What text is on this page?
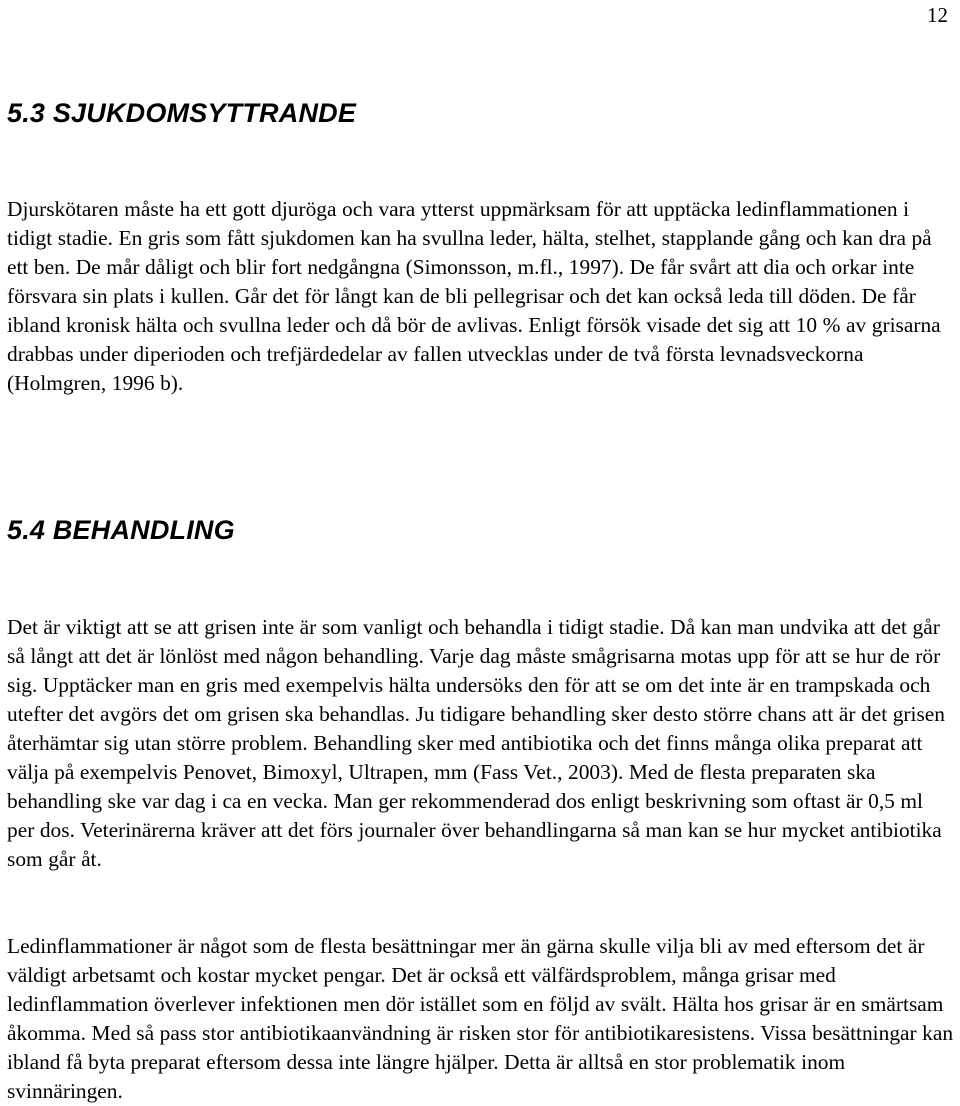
12
5.3 SJUKDOMSYTTRANDE

Djurskötaren måste ha ett gott djuröga och vara ytterst uppmärksam för att upptäcka ledinflammationen i tidigt stadie. En gris som fått sjukdomen kan ha svullna leder, hälta, stelhet, stapplande gång och kan dra på ett ben. De mår dåligt och blir fort nedgångna (Simonsson, m.fl., 1997). De får svårt att dia och orkar inte försvara sin plats i kullen. Går det för långt kan de bli pellegrisar och det kan också leda till döden. De får ibland kronisk hälta och svullna leder och då bör de avlivas. Enligt försök visade det sig att 10 % av grisarna drabbas under diperioden och trefjärdedelar av fallen utvecklas under de två första levnadsveckorna (Holmgren, 1996 b).

5.4 BEHANDLING

Det är viktigt att se att grisen inte är som vanligt och behandla i tidigt stadie. Då kan man undvika att det går så långt att det är lönlöst med någon behandling. Varje dag måste smågrisarna motas upp för att se hur de rör sig. Upptäcker man en gris med exempelvis hälta undersöks den för att se om det inte är en trampskada och utefter det avgörs det om grisen ska behandlas. Ju tidigare behandling sker desto större chans att är det grisen återhämtar sig utan större problem. Behandling sker med antibiotika och det finns många olika preparat att välja på exempelvis Penovet, Bimoxyl, Ultrapen, mm (Fass Vet., 2003). Med de flesta preparaten ska behandling ske var dag i ca en vecka. Man ger rekommenderad dos enligt beskrivning som oftast är 0,5 ml per dos. Veterinärerna kräver att det förs journaler över behandlingarna så man kan se hur mycket antibiotika som går åt.

Ledinflammationer är något som de flesta besättningar mer än gärna skulle vilja bli av med eftersom det är väldigt arbetsamt och kostar mycket pengar. Det är också ett välfärdsproblem, många grisar med ledinflammation överlever infektionen men dör istället som en följd av svält. Hälta hos grisar är en smärtsam åkomma. Med så pass stor antibiotikaanvändning är risken stor för antibiotikaresistens. Vissa besättningar kan ibland få byta preparat eftersom dessa inte längre hjälper. Detta är alltså en stor problematik inom svinnäringen.
